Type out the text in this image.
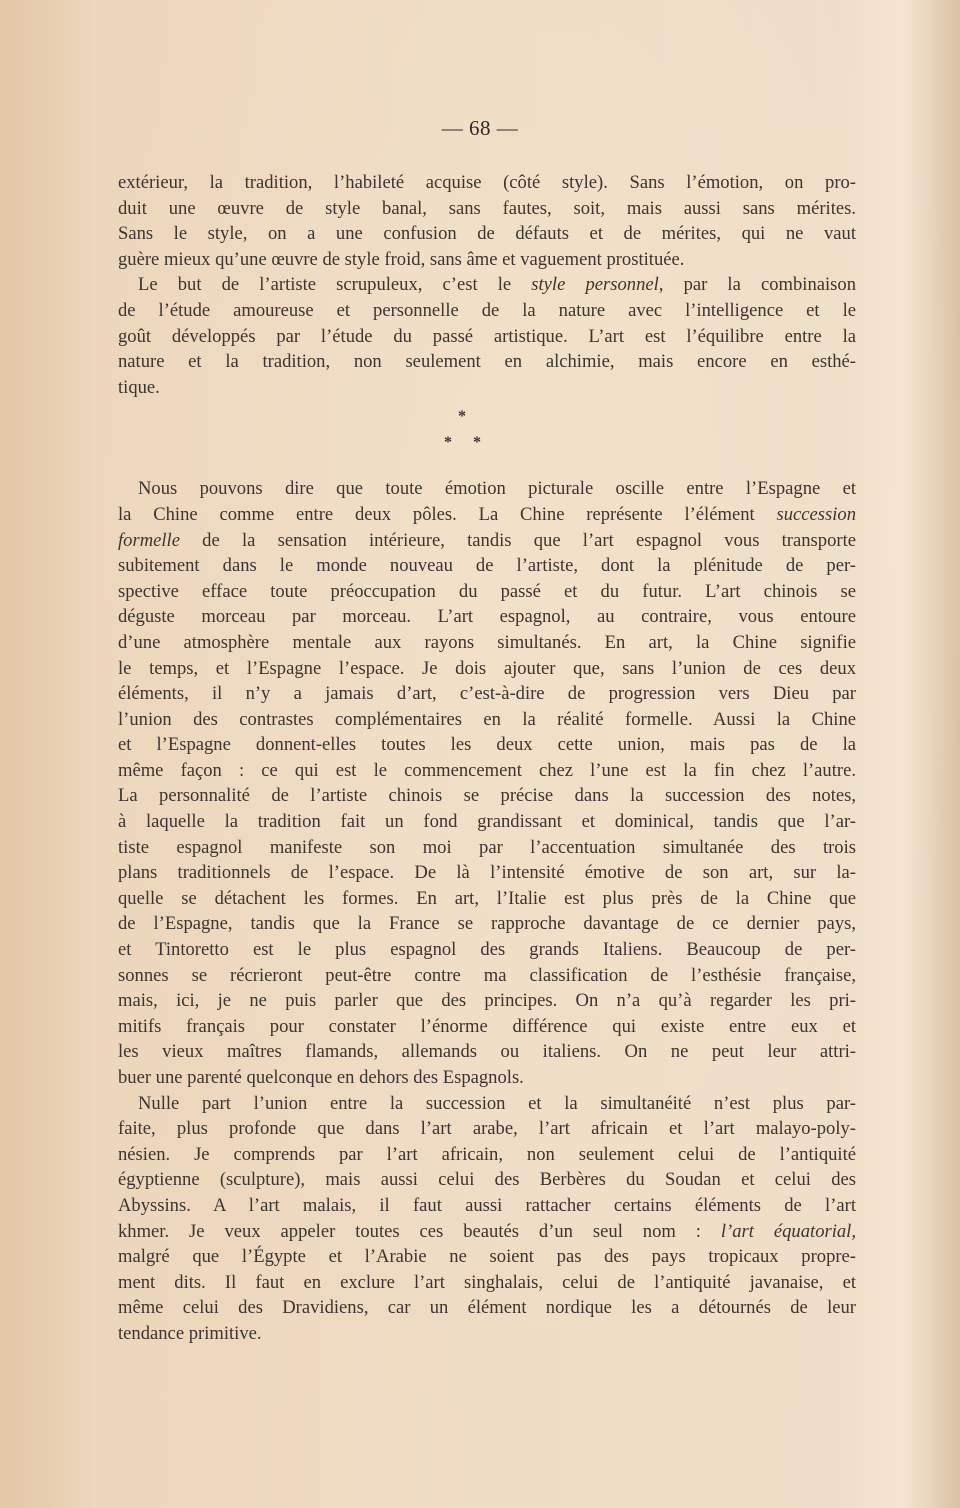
— 68 —
extérieur, la tradition, l’habileté acquise (côté style). Sans l’émotion, on pro-
duit une œuvre de style banal, sans fautes, soit, mais aussi sans mérites.
Sans le style, on a une confusion de défauts et de mérites, qui ne vaut
guère mieux qu’une œuvre de style froid, sans âme et vaguement prostituée.
Le but de l’artiste scrupuleux, c’est le style personnel, par la combinaison
de l’étude amoureuse et personnelle de la nature avec l’intelligence et le
goût développés par l’étude du passé artistique. L’art est l’équilibre entre la
nature et la tradition, non seulement en alchimie, mais encore en esthé-
tique.
*
* *
Nous pouvons dire que toute émotion picturale oscille entre l’Espagne et
la Chine comme entre deux pôles. La Chine représente l’élément succession
formelle de la sensation intérieure, tandis que l’art espagnol vous transporte
subitement dans le monde nouveau de l’artiste, dont la plénitude de per-
spective efface toute préoccupation du passé et du futur. L’art chinois se
déguste morceau par morceau. L’art espagnol, au contraire, vous entoure
d’une atmosphère mentale aux rayons simultanés. En art, la Chine signifie
le temps, et l’Espagne l’espace. Je dois ajouter que, sans l’union de ces deux
éléments, il n’y a jamais d’art, c’est-à-dire de progression vers Dieu par
l’union des contrastes complémentaires en la réalité formelle. Aussi la Chine
et l’Espagne donnent-elles toutes les deux cette union, mais pas de la
même façon : ce qui est le commencement chez l’une est la fin chez l’autre.
La personnalité de l’artiste chinois se précise dans la succession des notes,
à laquelle la tradition fait un fond grandissant et dominical, tandis que l’ar-
tiste espagnol manifeste son moi par l’accentuation simultanée des trois
plans traditionnels de l’espace. De là l’intensité émotive de son art, sur la-
quelle se détachent les formes. En art, l’Italie est plus près de la Chine que
de l’Espagne, tandis que la France se rapproche davantage de ce dernier pays,
et Tintoretto est le plus espagnol des grands Italiens. Beaucoup de per-
sonnes se récrieront peut-être contre ma classification de l’esthésie française,
mais, ici, je ne puis parler que des principes. On n’a qu’à regarder les pri-
mitifs français pour constater l’énorme différence qui existe entre eux et
les vieux maîtres flamands, allemands ou italiens. On ne peut leur attri-
buer une parenté quelconque en dehors des Espagnols.
Nulle part l’union entre la succession et la simultanéité n’est plus par-
faite, plus profonde que dans l’art arabe, l’art africain et l’art malayo-poly-
nésien. Je comprends par l’art africain, non seulement celui de l’antiquité
égyptienne (sculpture), mais aussi celui des Berbères du Soudan et celui des
Abyssins. A l’art malais, il faut aussi rattacher certains éléments de l’art
khmer. Je veux appeler toutes ces beautés d’un seul nom : l’art équatorial,
malgré que l’Égypte et l’Arabie ne soient pas des pays tropicaux propre-
ment dits. Il faut en exclure l’art singhalais, celui de l’antiquité javanaise, et
même celui des Dravidiens, car un élément nordique les a détournés de leur
tendance primitive.
